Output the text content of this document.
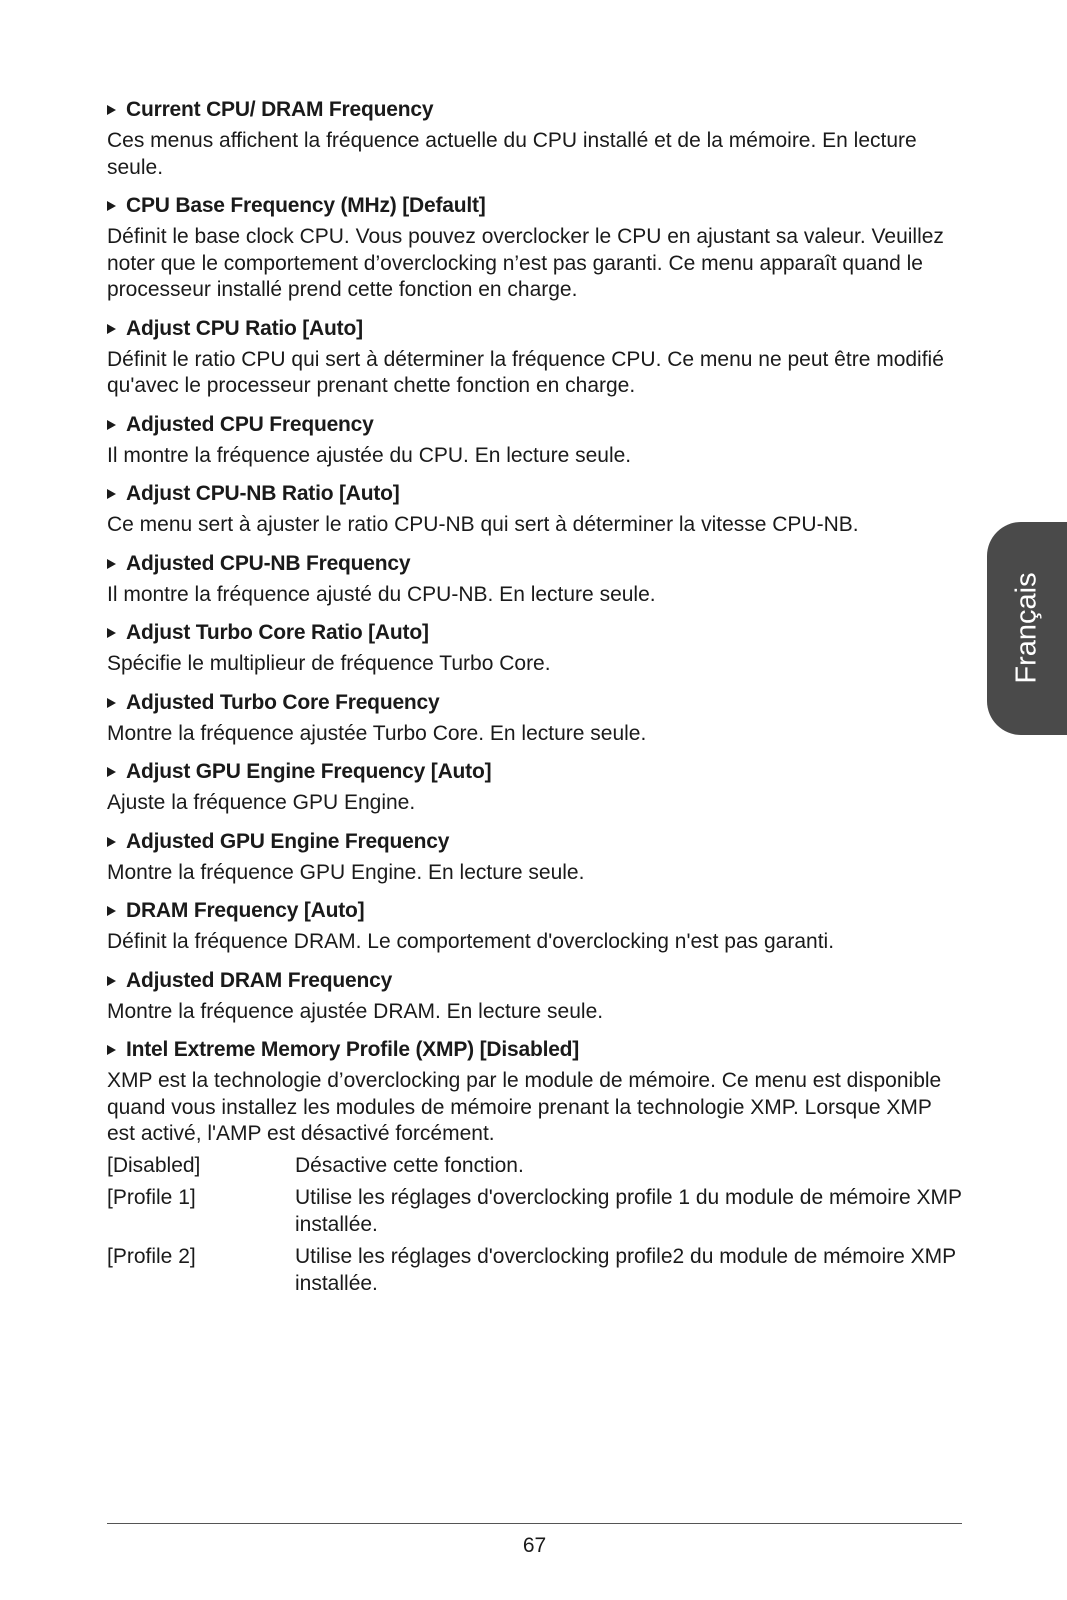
Current CPU/ DRAM Frequency
Ces menus affichent la fréquence actuelle du CPU installé et de la mémoire. En lecture seule.
CPU Base Frequency (MHz) [Default]
Définit le base clock CPU. Vous pouvez overclocker le CPU en ajustant sa valeur. Veuillez noter que le comportement d’overclocking n’est pas garanti. Ce menu apparaît quand le processeur installé prend cette fonction en charge.
Adjust CPU Ratio [Auto]
Définit le ratio CPU qui sert à déterminer la fréquence CPU. Ce menu ne peut être modifié qu'avec le processeur prenant chette fonction en charge.
Adjusted CPU Frequency
Il montre la fréquence ajustée du CPU. En lecture seule.
Adjust CPU-NB Ratio [Auto]
Ce menu sert à ajuster le ratio CPU-NB qui sert à déterminer la vitesse CPU-NB.
Adjusted CPU-NB Frequency
Il montre la fréquence ajusté du CPU-NB. En lecture seule.
Adjust Turbo Core Ratio [Auto]
Spécifie le multiplieur de fréquence Turbo Core.
Adjusted Turbo Core Frequency
Montre la fréquence ajustée Turbo Core. En lecture seule.
Adjust GPU Engine Frequency [Auto]
Ajuste la fréquence GPU Engine.
Adjusted GPU Engine Frequency
Montre la fréquence GPU Engine. En lecture seule.
DRAM Frequency [Auto]
Définit la fréquence DRAM. Le comportement d'overclocking n'est pas garanti.
Adjusted DRAM Frequency
Montre la fréquence ajustée DRAM. En lecture seule.
Intel Extreme Memory Profile (XMP) [Disabled]
XMP est la technologie d’overclocking par le module de mémoire. Ce menu est disponible quand vous installez les modules de mémoire prenant la technologie XMP. Lorsque XMP est activé, l'AMP est désactivé forcément.
[Disabled]	Désactive cette fonction.
[Profile 1]	Utilise les réglages d'overclocking profile 1 du module de mémoire XMP installée.
[Profile 2]	Utilise les réglages d'overclocking profile2 du module de mémoire XMP installée.
Français
67
